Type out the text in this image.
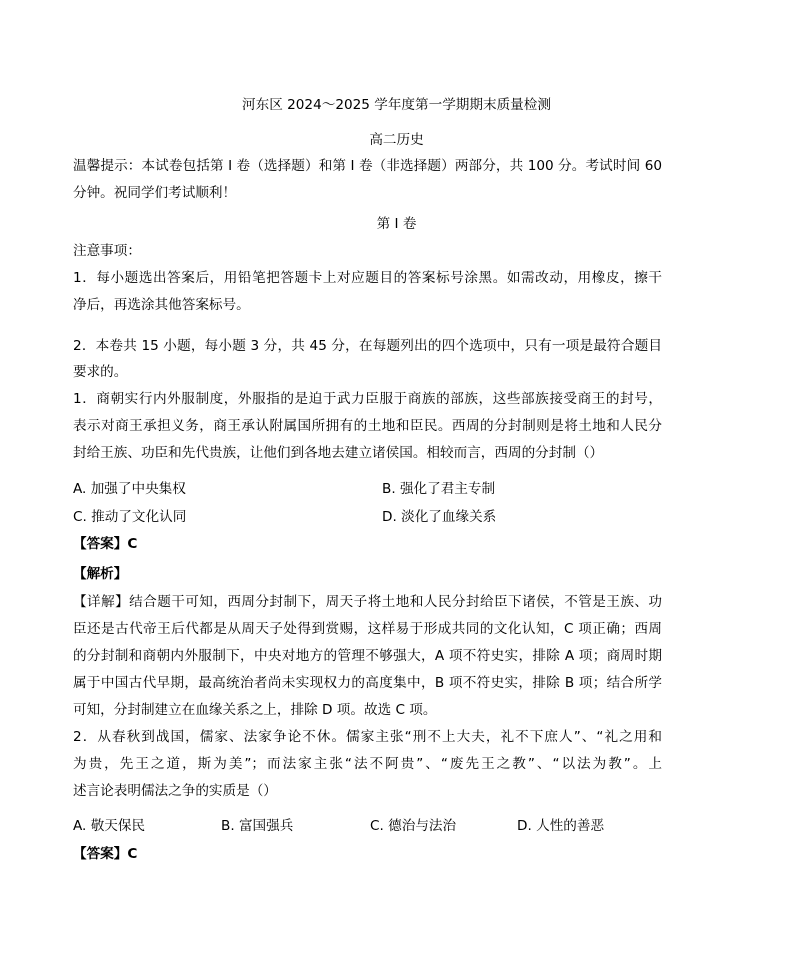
河东区 2024～2025 学年度第一学期期末质量检测
高二历史
温馨提示：本试卷包括第 I 卷（选择题）和第 I 卷（非选择题）两部分，共 100 分。考试时间 60
分钟。祝同学们考试顺利！
第 I 卷
注意事项：
1．每小题选出答案后，用铅笔把答题卡上对应题目的答案标号涂黑。如需改动，用橡皮，擦干
净后，再选涂其他答案标号。
2．本卷共 15 小题，每小题 3 分，共 45 分，在每题列出的四个选项中，只有一项是最符合题目
要求的。
1．商朝实行内外服制度，外服指的是迫于武力臣服于商族的部族，这些部族接受商王的封号，
表示对商王承担义务，商王承认附属国所拥有的土地和臣民。西周的分封制则是将土地和人民分
封给王族、功臣和先代贵族，让他们到各地去建立诸侯国。相较而言，西周的分封制（）
A. 加强了中央集权	B. 强化了君主专制
C. 推动了文化认同	D. 淡化了血缘关系
【答案】C
【解析】
【详解】结合题干可知，西周分封制下，周天子将土地和人民分封给臣下诸侯，不管是王族、功
臣还是古代帝王后代都是从周天子处得到赏赐，这样易于形成共同的文化认知，C 项正确；西周
的分封制和商朝内外服制下，中央对地方的管理不够强大，A 项不符史实，排除 A 项；商周时期
属于中国古代早期，最高统治者尚未实现权力的高度集中，B 项不符史实，排除 B 项；结合所学
可知，分封制建立在血缘关系之上，排除 D 项。故选 C 项。
2．从春秋到战国，儒家、法家争论不休。儒家主张“刑不上大夫，礼不下庶人”、“礼之用和
为贵，先王之道，斯为美”；而法家主张“法不阿贵”、“废先王之教”、“以法为教”。上
述言论表明儒法之争的实质是（）
A. 敬天保民	B. 富国强兵	C. 德治与法治	D. 人性的善恶
【答案】C
